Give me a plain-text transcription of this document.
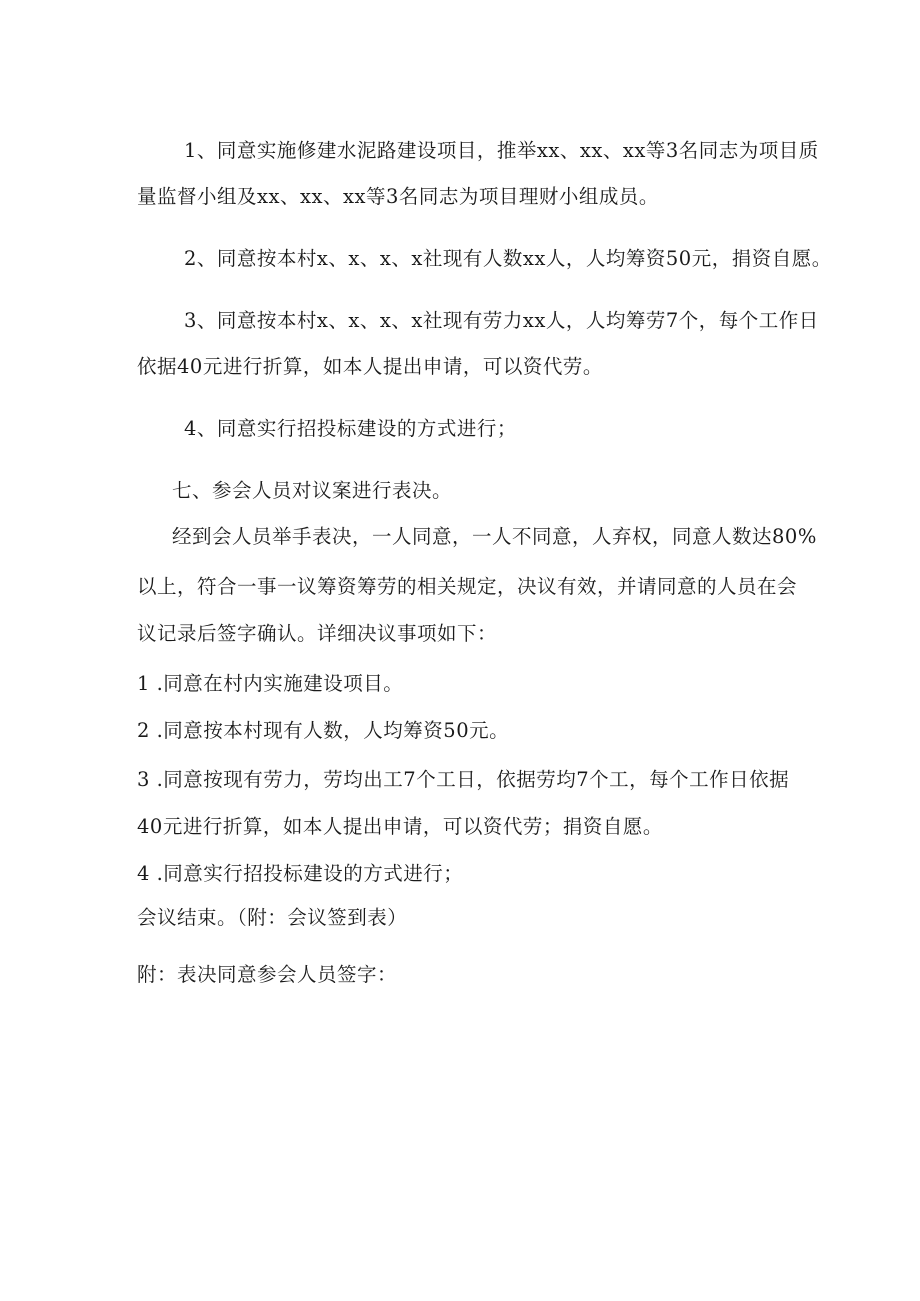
1、同意实施修建水泥路建设项目，推举xx、xx、xx等3名同志为项目质
量监督小组及xx、xx、xx等3名同志为项目理财小组成员。
2、同意按本村x、x、x、x社现有人数xx人，人均筹资50元，捐资自愿。
3、同意按本村x、x、x、x社现有劳力xx人，人均筹劳7个，每个工作日
依据40元进行折算，如本人提出申请，可以资代劳。
4、同意实行招投标建设的方式进行；
七、参会人员对议案进行表决。
经到会人员举手表决，一人同意，一人不同意，人弃权，同意人数达80%
以上，符合一事一议筹资筹劳的相关规定，决议有效，并请同意的人员在会
议记录后签字确认。详细决议事项如下：
1 .同意在村内实施建设项目。
2 .同意按本村现有人数，人均筹资50元。
3 .同意按现有劳力，劳均出工7个工日，依据劳均7个工，每个工作日依据
40元进行折算，如本人提出申请，可以资代劳；捐资自愿。
4 .同意实行招投标建设的方式进行；
会议结束。（附：会议签到表）
附：表决同意参会人员签字：
